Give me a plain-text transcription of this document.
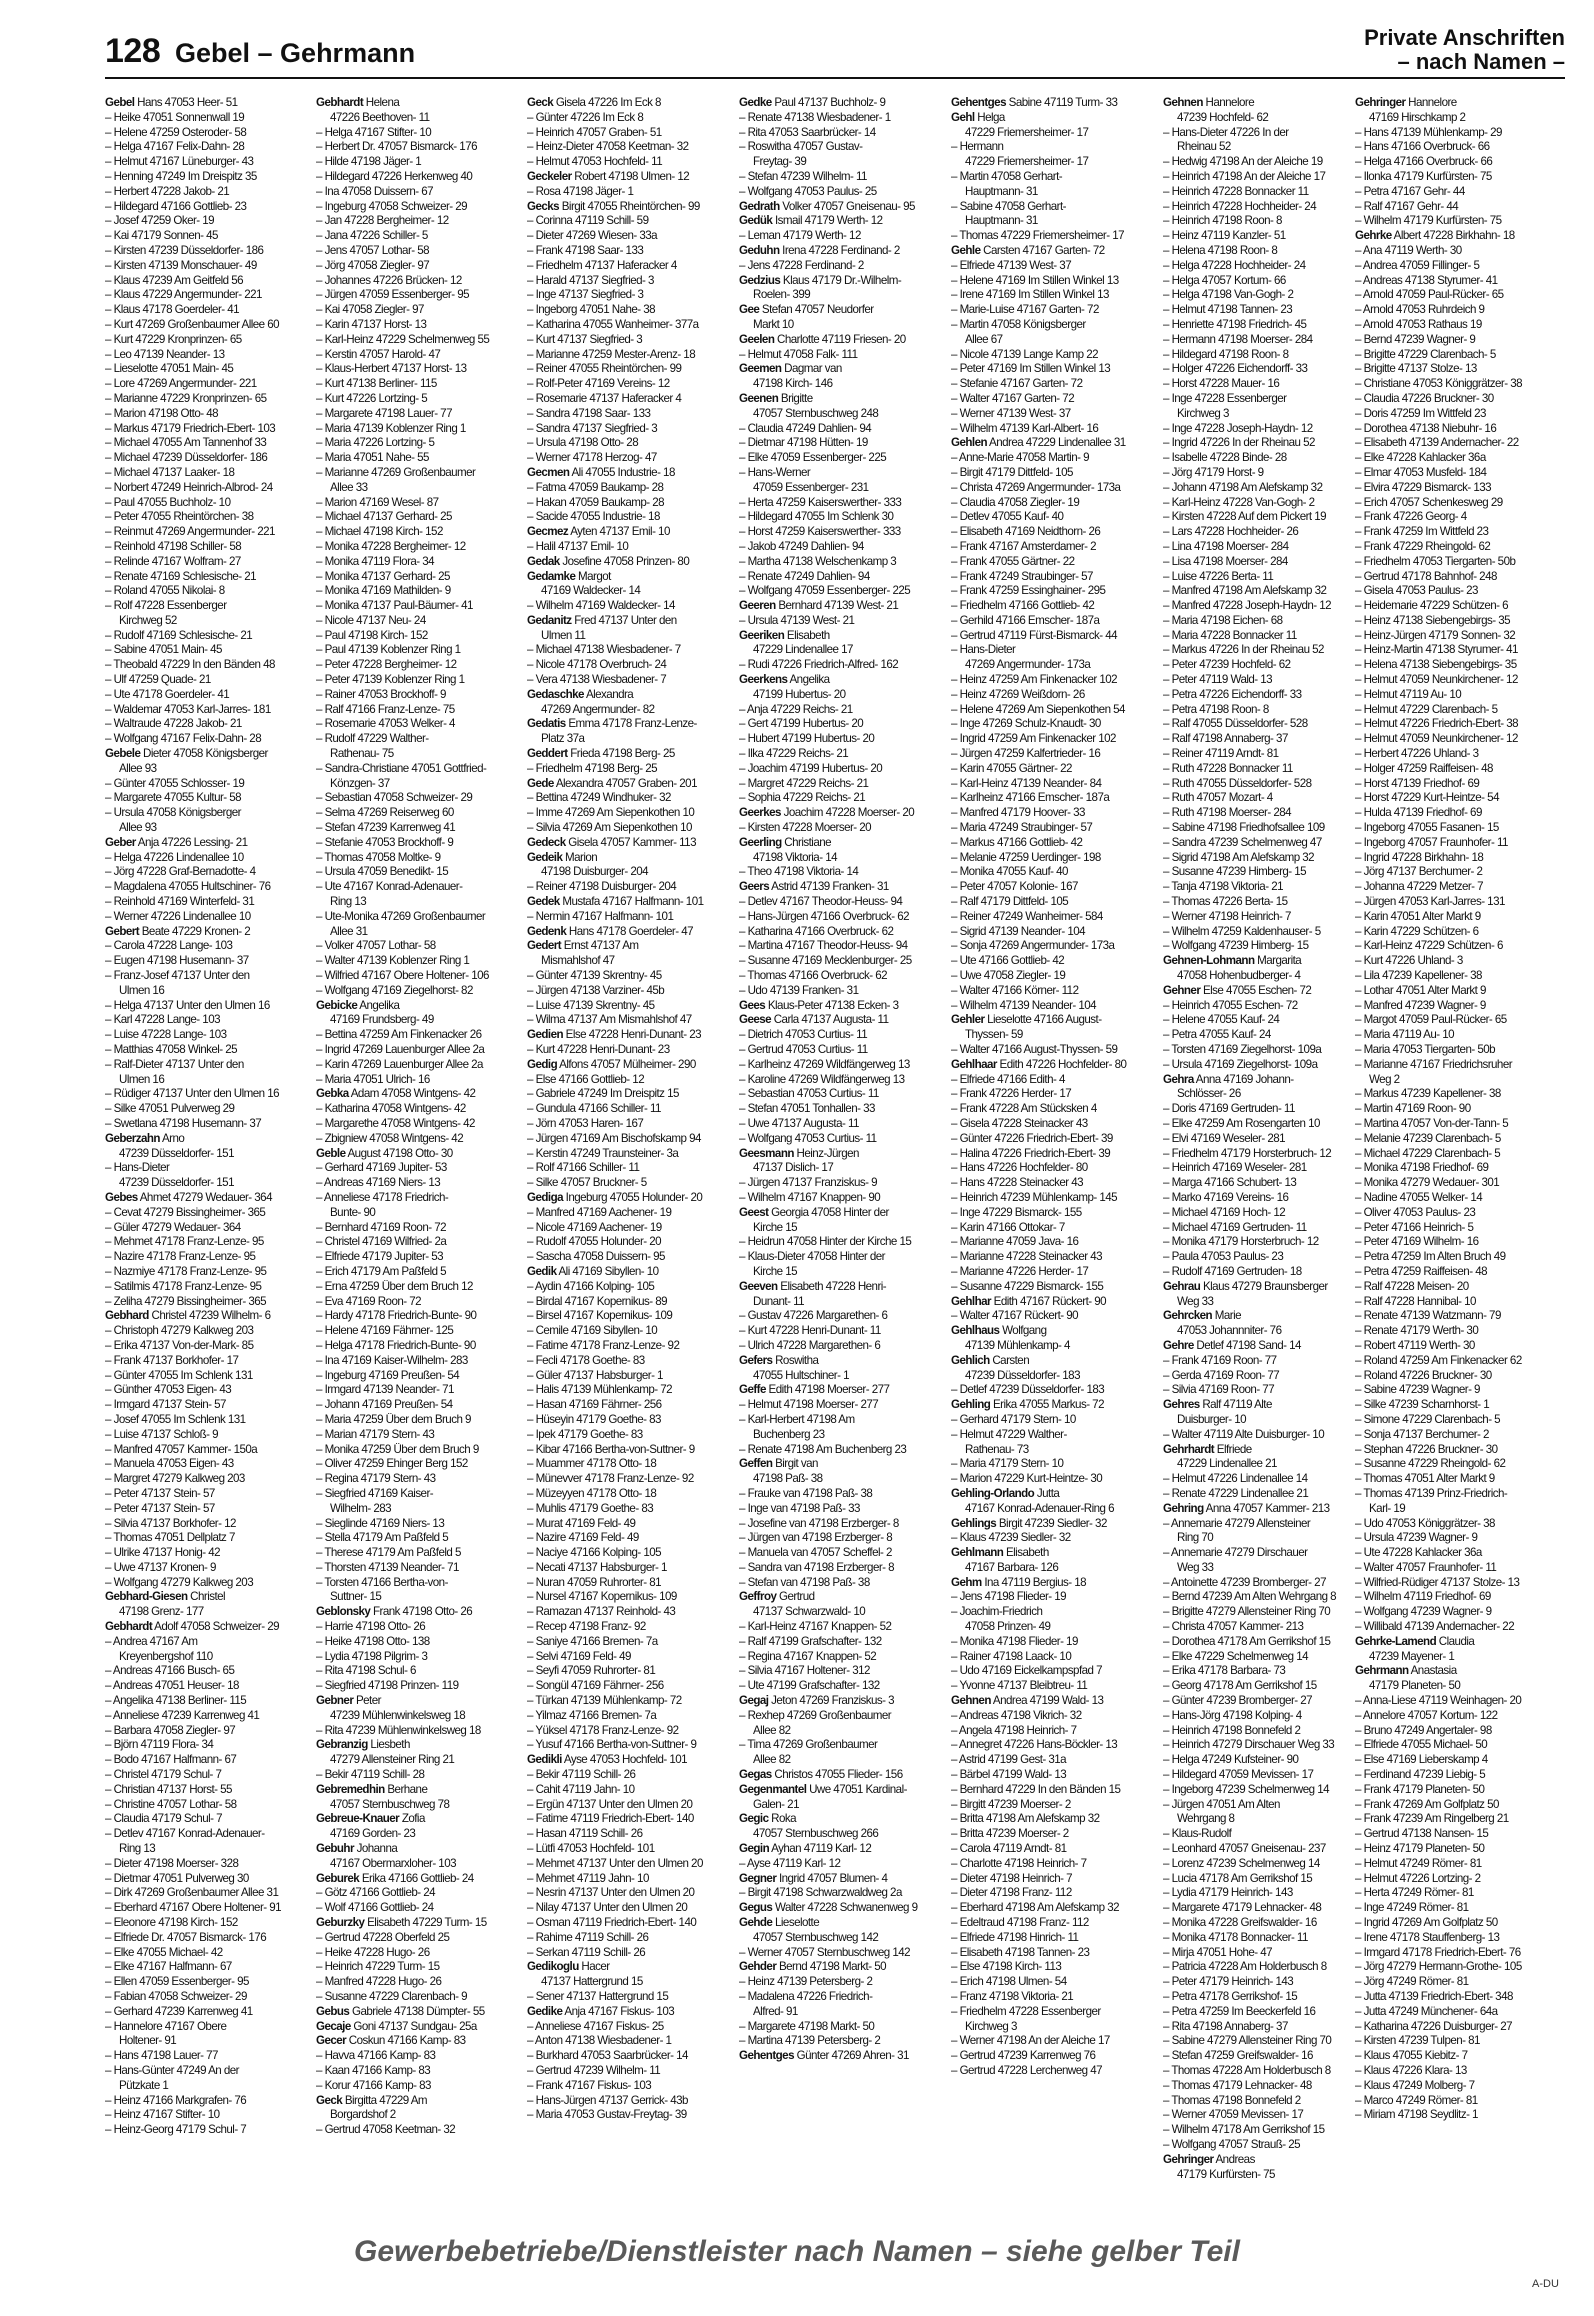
128 Gebel – Gehrmann
Private Anschriften
– nach Namen –
Gebel Hans 47053 Heer- 51
– Heike 47051 Sonnenwall 19
– Helene 47259 Osteroder- 58
– Helga 47167 Felix-Dahn- 28
– Helmut 47167 Lüneburger- 43
– Henning 47249 Im Dreispitz 35
– Herbert 47228 Jakob- 21
– Hildegard 47166 Gottlieb- 23
– Josef 47259 Oker- 19
– Kai 47179 Sonnen- 45
– Kirsten 47239 Düsseldorfer- 186
– Kirsten 47139 Monschauer- 49
– Klaus 47239 Am Geitfeld 56
– Klaus 47229 Angermunder- 221
– Klaus 47178 Goerdeler- 41
– Kurt 47269 Großenbaumer Allee 60
– Kurt 47229 Kronprinzen- 65
– Leo 47139 Neander- 13
– Lieselotte 47051 Main- 45
– Lore 47269 Angermunder- 221
– Marianne 47229 Kronprinzen- 65
– Marion 47198 Otto- 48
– Markus 47179 Friedrich-Ebert- 103
– Michael 47055 Am Tannenhof 33
– Michael 47239 Düsseldorfer- 186
– Michael 47137 Laaker- 18
– Norbert 47249 Heinrich-Albrod- 24
– Paul 47055 Buchholz- 10
– Peter 47055 Rheintörchen- 38
– Reinmut 47269 Angermunder- 221
– Reinhold 47198 Schiller- 58
– Relinde 47167 Wolfram- 27
– Renate 47169 Schlesische- 21
– Roland 47055 Nikolai- 8
– Rolf 47228 Essenberger
Kirchweg 52
– Rudolf 47169 Schlesische- 21
– Sabine 47051 Main- 45
– Theobald 47229 In den Bänden 48
– Ulf 47259 Quade- 21
– Ute 47178 Goerdeler- 41
– Waldemar 47053 Karl-Jarres- 181
– Waltraude 47228 Jakob- 21
– Wolfgang 47167 Felix-Dahn- 28
Gebele Dieter 47058 Königsberger
Allee 93
– Günter 47055 Schlosser- 19
– Margarete 47055 Kultur- 58
– Ursula 47058 Königsberger
Allee 93
Geber Anja 47226 Lessing- 21
– Helga 47226 Lindenallee 10
– Jörg 47228 Graf-Bernadotte- 4
– Magdalena 47055 Hultschiner- 76
– Reinhold 47169 Winterfeld- 31
– Werner 47226 Lindenallee 10
Gebert Beate 47229 Kronen- 2
– Carola 47228 Lange- 103
– Eugen 47198 Husemann- 37
– Franz-Josef 47137 Unter den
Ulmen 16
– Helga 47137 Unter den Ulmen 16
– Karl 47228 Lange- 103
– Luise 47228 Lange- 103
– Matthias 47058 Winkel- 25
– Ralf-Dieter 47137 Unter den
Ulmen 16
– Rüdiger 47137 Unter den Ulmen 16
– Silke 47051 Pulverweg 29
– Swetlana 47198 Husemann- 37
Geberzahn Arno
47239 Düsseldorfer- 151
– Hans-Dieter
47239 Düsseldorfer- 151
Gebes Ahmet 47279 Wedauer- 364
– Cevat 47279 Bissingheimer- 365
– Güler 47279 Wedauer- 364
– Mehmet 47178 Franz-Lenze- 95
– Nazire 47178 Franz-Lenze- 95
– Nazmiye 47178 Franz-Lenze- 95
– Satilmis 47178 Franz-Lenze- 95
– Zeliha 47279 Bissingheimer- 365
Gebhard Christel 47239 Wilhelm- 6
– Christoph 47279 Kalkweg 203
– Erika 47137 Von-der-Mark- 85
– Frank 47137 Borkhofer- 17
– Günter 47055 Im Schlenk 131
– Günther 47053 Eigen- 43
– Irmgard 47137 Stein- 57
– Josef 47055 Im Schlenk 131
– Luise 47137 Schloß- 9
– Manfred 47057 Kammer- 150a
– Manuela 47053 Eigen- 43
– Margret 47279 Kalkweg 203
– Peter 47137 Stein- 57
– Peter 47137 Stein- 57
– Silvia 47137 Borkhofer- 12
– Thomas 47051 Dellplatz 7
– Ulrike 47137 Honig- 42
– Uwe 47137 Kronen- 9
– Wolfgang 47279 Kalkweg 203
Gebhard-Giesen Christel
47198 Grenz- 177
Gebhardt Adolf 47058 Schweizer- 29
– Andrea 47167 Am
Kreyenbergshof 110
– Andreas 47166 Busch- 65
– Andreas 47051 Heuser- 18
– Angelika 47138 Berliner- 115
– Anneliese 47239 Karrenweg 41
– Barbara 47058 Ziegler- 97
– Björn 47119 Flora- 34
– Bodo 47167 Halfmann- 67
– Christel 47179 Schul- 7
– Christian 47137 Horst- 55
– Christine 47057 Lothar- 58
– Claudia 47179 Schul- 7
– Detlev 47167 Konrad-Adenauer-
Ring 13
– Dieter 47198 Moerser- 328
– Dietmar 47051 Pulverweg 30
– Dirk 47269 Großenbaumer Allee 31
– Eberhard 47167 Obere Holtener- 91
– Eleonore 47198 Kirch- 152
– Elfriede Dr. 47057 Bismarck- 176
– Elke 47055 Michael- 42
– Elke 47167 Halfmann- 67
– Ellen 47059 Essenberger- 95
– Fabian 47058 Schweizer- 29
– Gerhard 47239 Karrenweg 41
– Hannelore 47167 Obere
Holtener- 91
– Hans 47198 Lauer- 77
– Hans-Günter 47249 An der
Pützkate 1
– Heinz 47166 Markgrafen- 76
– Heinz 47167 Stifter- 10
– Heinz-Georg 47179 Schul- 7
Gebhardt Helena
47226 Beethoven- 11
– Helga 47167 Stifter- 10
– Herbert Dr. 47057 Bismarck- 176
– Hilde 47198 Jäger- 1
– Hildegard 47226 Herkenweg 40
– Ina 47058 Duissern- 67
– Ingeburg 47058 Schweizer- 29
– Jan 47228 Bergheimer- 12
– Jana 47226 Schiller- 5
– Jens 47057 Lothar- 58
– Jörg 47058 Ziegler- 97
– Johannes 47226 Brücken- 12
– Jürgen 47059 Essenberger- 95
– Kai 47058 Ziegler- 97
– Karin 47137 Horst- 13
– Karl-Heinz 47229 Schelmenweg 55
– Kerstin 47057 Harold- 47
– Klaus-Herbert 47137 Horst- 13
– Kurt 47138 Berliner- 115
– Kurt 47226 Lortzing- 5
– Margarete 47198 Lauer- 77
– Maria 47139 Koblenzer Ring 1
– Maria 47226 Lortzing- 5
– Maria 47051 Nahe- 55
– Marianne 47269 Großenbaumer
Allee 33
– Marion 47169 Wesel- 87
– Michael 47137 Gerhard- 25
– Michael 47198 Kirch- 152
– Monika 47228 Bergheimer- 12
– Monika 47119 Flora- 34
– Monika 47137 Gerhard- 25
– Monika 47169 Mathilden- 9
– Monika 47137 Paul-Bäumer- 41
– Nicole 47137 Neu- 24
– Paul 47198 Kirch- 152
– Paul 47139 Koblenzer Ring 1
– Peter 47228 Bergheimer- 12
– Peter 47139 Koblenzer Ring 1
– Rainer 47053 Brockhoff- 9
– Ralf 47166 Franz-Lenze- 75
– Rosemarie 47053 Welker- 4
– Rudolf 47229 Walther-
Rathenau- 75
– Sandra-Christiane 47051 Gottfried-
Könzgen- 37
– Sebastian 47058 Schweizer- 29
– Selma 47269 Reiserweg 60
– Stefan 47239 Karrenweg 41
– Stefanie 47053 Brockhoff- 9
– Thomas 47058 Moltke- 9
– Ursula 47059 Benedikt- 15
– Ute 47167 Konrad-Adenauer-
Ring 13
– Ute-Monika 47269 Großenbaumer
Allee 31
– Volker 47057 Lothar- 58
– Walter 47139 Koblenzer Ring 1
– Wilfried 47167 Obere Holtener- 106
– Wolfgang 47169 Ziegelhorst- 82
Gebicke Angelika
47169 Frundsberg- 49
– Bettina 47259 Am Finkenacker 26
– Ingrid 47269 Lauenburger Allee 2a
– Karin 47269 Lauenburger Allee 2a
– Maria 47051 Ulrich- 16
Gebka Adam 47058 Wintgens- 42
– Katharina 47058 Wintgens- 42
– Margarethe 47058 Wintgens- 42
– Zbigniew 47058 Wintgens- 42
Geble August 47198 Otto- 30
– Gerhard 47169 Jupiter- 53
– Andreas 47169 Niers- 13
– Anneliese 47178 Friedrich-
Bunte- 90
– Bernhard 47169 Roon- 72
– Christel 47169 Wilfried- 2a
– Elfriede 47179 Jupiter- 53
– Erich 47179 Am Paßfeld 5
– Erna 47259 Über dem Bruch 12
– Eva 47169 Roon- 72
– Hardy 47178 Friedrich-Bunte- 90
– Helene 47169 Fährner- 125
– Helga 47178 Friedrich-Bunte- 90
– Ina 47169 Kaiser-Wilhelm- 283
– Ingeburg 47169 Preußen- 54
– Irmgard 47139 Neander- 71
– Johann 47169 Preußen- 54
– Maria 47259 Über dem Bruch 9
– Marian 47179 Stern- 43
– Monika 47259 Über dem Bruch 9
– Oliver 47259 Ehinger Berg 152
– Regina 47179 Stern- 43
– Siegfried 47169 Kaiser-
Wilhelm- 283
– Sieglinde 47169 Niers- 13
– Stella 47179 Am Paßfeld 5
– Therese 47179 Am Paßfeld 5
– Thorsten 47139 Neander- 71
– Torsten 47166 Bertha-von-
Suttner- 15
Geblonsky Frank 47198 Otto- 26
– Harrie 47198 Otto- 26
– Heike 47198 Otto- 138
– Lydia 47198 Pilgrim- 3
– Rita 47198 Schul- 6
– Siegfried 47198 Prinzen- 119
Gebner Peter
47239 Mühlenwinkelsweg 18
– Rita 47239 Mühlenwinkelsweg 18
Gebranzig Liesbeth
47279 Allensteiner Ring 21
– Bekir 47119 Schill- 28
Gebremedhin Berhane
47057 Sternbuschweg 78
Gebreue-Knauer Zofia
47169 Gorden- 23
Gebuhr Johanna
47167 Obermarxloher- 103
Geburek Erika 47166 Gottlieb- 24
– Götz 47166 Gottlieb- 24
– Wolf 47166 Gottlieb- 24
Geburzky Elisabeth 47229 Turm- 15
– Gertrud 47228 Oberfeld 25
– Heike 47228 Hugo- 26
– Heinrich 47229 Turm- 15
– Manfred 47228 Hugo- 26
– Susanne 47229 Clarenbach- 9
Gebus Gabriele 47138 Dümpter- 55
Gecaje Goni 47137 Sundgau- 25a
Gecer Coskun 47166 Kamp- 83
– Havva 47166 Kamp- 83
– Kaan 47166 Kamp- 83
– Korur 47166 Kamp- 83
Geck Birgitta 47229 Am
Borgardshof 2
– Gertrud 47058 Keetman- 32
Geck Gisela 47226 Im Eck 8
– Günter 47226 Im Eck 8
– Heinrich 47057 Graben- 51
– Heinz-Dieter 47058 Keetman- 32
– Helmut 47053 Hochfeld- 11
Geckeler Robert 47198 Ulmen- 12
– Rosa 47198 Jäger- 1
Gecks Birgit 47055 Rheintörchen- 99
– Corinna 47119 Schill- 59
– Dieter 47269 Wiesen- 33a
– Frank 47198 Saar- 133
– Friedhelm 47137 Haferacker 4
– Harald 47137 Siegfried- 3
– Inge 47137 Siegfried- 3
– Ingeborg 47051 Nahe- 38
– Katharina 47055 Wanheimer- 377a
– Kurt 47137 Siegfried- 3
– Marianne 47259 Mester-Arenz- 18
– Reiner 47055 Rheintörchen- 99
– Rolf-Peter 47169 Vereins- 12
– Rosemarie 47137 Haferacker 4
– Sandra 47198 Saar- 133
– Sandra 47137 Siegfried- 3
– Ursula 47198 Otto- 28
– Werner 47178 Herzog- 47
Gecmen Ali 47055 Industrie- 18
– Fatma 47059 Baukamp- 28
– Hakan 47059 Baukamp- 28
– Sacide 47055 Industrie- 18
Gecmez Ayten 47137 Emil- 10
– Halil 47137 Emil- 10
Gedak Josefine 47058 Prinzen- 80
Gedamke Margot
47169 Waldecker- 14
– Wilhelm 47169 Waldecker- 14
Gedanitz Fred 47137 Unter den
Ulmen 11
– Michael 47138 Wiesbadener- 7
– Nicole 47178 Overbruch- 24
– Vera 47138 Wiesbadener- 7
Gedaschke Alexandra
47269 Angermunder- 82
Gedatis Emma 47178 Franz-Lenze-
Platz 37a
Geddert Frieda 47198 Berg- 25
– Friedhelm 47198 Berg- 25
Gede Alexandra 47057 Graben- 201
– Bettina 47249 Windhuker- 32
– Imme 47269 Am Siepenkothen 10
– Silvia 47269 Am Siepenkothen 10
Gedeck Gisela 47057 Kammer- 113
Gedeik Marion
47198 Duisburger- 204
– Reiner 47198 Duisburger- 204
Gedek Mustafa 47167 Halfmann- 101
– Nermin 47167 Halfmann- 101
Gedenk Hans 47178 Goerdeler- 47
Gedert Ernst 47137 Am
Mismahlshof 47
– Günter 47139 Skrentny- 45
– Jürgen 47138 Varziner- 45b
– Luise 47139 Skrentny- 45
– Wilma 47137 Am Mismahlshof 47
Gedien Else 47228 Henri-Dunant- 23
– Kurt 47228 Henri-Dunant- 23
Gedig Alfons 47057 Mülheimer- 290
– Else 47166 Gottlieb- 12
– Gabriele 47249 Im Dreispitz 15
– Gundula 47166 Schiller- 11
– Jörn 47053 Haren- 167
– Jürgen 47169 Am Bischofskamp 94
– Kerstin 47249 Traunsteiner- 3a
– Rolf 47166 Schiller- 11
– Silke 47057 Bruckner- 5
Gediga Ingeburg 47055 Holunder- 20
– Manfred 47169 Aachener- 19
– Nicole 47169 Aachener- 19
– Rudolf 47055 Holunder- 20
– Sascha 47058 Duissern- 95
Gedik Ali 47169 Sibyllen- 10
– Aydin 47166 Kolping- 105
– Birdal 47167 Kopernikus- 89
– Birsel 47167 Kopernikus- 109
– Cemile 47169 Sibyllen- 10
– Fatime 47178 Franz-Lenze- 92
– Fecli 47178 Goethe- 83
– Güler 47137 Habsburger- 1
– Halis 47139 Mühlenkamp- 72
– Hasan 47169 Fährner- 256
– Hüseyin 47179 Goethe- 83
– Ipek 47179 Goethe- 83
– Kibar 47166 Bertha-von-Suttner- 9
– Muammer 47178 Otto- 18
– Münevver 47178 Franz-Lenze- 92
– Müzeyyen 47178 Otto- 18
– Muhlis 47179 Goethe- 83
– Murat 47169 Feld- 49
– Nazire 47169 Feld- 49
– Naciye 47166 Kolping- 105
– Necati 47137 Habsburger- 1
– Nuran 47059 Ruhrorter- 81
– Nursel 47167 Kopernikus- 109
– Ramazan 47137 Reinhold- 43
– Recep 47198 Franz- 92
– Saniye 47166 Bremen- 7a
– Selvi 47169 Feld- 49
– Seyfi 47059 Ruhrorter- 81
– Songül 47169 Fährner- 256
– Türkan 47139 Mühlenkamp- 72
– Yilmaz 47166 Bremen- 7a
– Yüksel 47178 Franz-Lenze- 92
– Yusuf 47166 Bertha-von-Suttner- 9
Gedikli Ayse 47053 Hochfeld- 101
– Bekir 47119 Schill- 26
– Cahit 47119 Jahn- 10
– Ergün 47137 Unter den Ulmen 20
– Fatime 47119 Friedrich-Ebert- 140
– Hasan 47119 Schill- 26
– Lütfi 47053 Hochfeld- 101
– Mehmet 47137 Unter den Ulmen 20
– Mehmet 47119 Jahn- 10
– Nesrin 47137 Unter den Ulmen 20
– Nilay 47137 Unter den Ulmen 20
– Osman 47119 Friedrich-Ebert- 140
– Rahime 47119 Schill- 26
– Serkan 47119 Schill- 26
Gedikoglu Hacer
47137 Hattergrund 15
– Sener 47137 Hattergrund 15
Gedike Anja 47167 Fiskus- 103
– Anneliese 47167 Fiskus- 25
– Anton 47138 Wiesbadener- 1
– Burkhard 47053 Saarbrücker- 14
– Gertrud 47239 Wilhelm- 11
– Frank 47167 Fiskus- 103
– Hans-Jürgen 47137 Gerrick- 43b
– Maria 47053 Gustav-Freytag- 39
Gedke Paul 47137 Buchholz- 9
– Renate 47138 Wiesbadener- 1
– Rita 47053 Saarbrücker- 14
– Roswitha 47057 Gustav-
Freytag- 39
– Stefan 47239 Wilhelm- 11
– Wolfgang 47053 Paulus- 25
Gedrath Volker 47057 Gneisenau- 95
Gedük Ismail 47179 Werth- 12
– Leman 47179 Werth- 12
Geduhn Irena 47228 Ferdinand- 2
– Jens 47228 Ferdinand- 2
Gedzius Klaus 47179 Dr.-Wilhelm-
Roelen- 399
Gee Stefan 47057 Neudorfer
Markt 10
Geelen Charlotte 47119 Friesen- 20
– Helmut 47058 Falk- 111
Geemen Dagmar van
47198 Kirch- 146
Geenen Brigitte
47057 Sternbuschweg 248
– Claudia 47249 Dahlien- 94
– Dietmar 47198 Hütten- 19
– Elke 47059 Essenberger- 225
– Hans-Werner
47059 Essenberger- 231
– Herta 47259 Kaiserswerther- 333
– Hildegard 47055 Im Schlenk 30
– Horst 47259 Kaiserswerther- 333
– Jakob 47249 Dahlien- 94
– Martha 47138 Welschenkamp 3
– Renate 47249 Dahlien- 94
– Wolfgang 47059 Essenberger- 225
Geeren Bernhard 47139 West- 21
– Ursula 47139 West- 21
Geeriken Elisabeth
47229 Lindenallee 17
– Rudi 47226 Friedrich-Alfred- 162
Geerkens Angelika
47199 Hubertus- 20
– Anja 47229 Reichs- 21
– Gert 47199 Hubertus- 20
– Hubert 47199 Hubertus- 20
– Ilka 47229 Reichs- 21
– Joachim 47199 Hubertus- 20
– Margret 47229 Reichs- 21
– Sophia 47229 Reichs- 21
Geerkes Joachim 47228 Moerser- 20
– Kirsten 47228 Moerser- 20
Geerling Christiane
47198 Viktoria- 14
– Theo 47198 Viktoria- 14
Geers Astrid 47139 Franken- 31
– Detlev 47167 Theodor-Heuss- 94
– Hans-Jürgen 47166 Overbruck- 62
– Katharina 47166 Overbruck- 62
– Martina 47167 Theodor-Heuss- 94
– Susanne 47169 Mecklenburger- 25
– Thomas 47166 Overbruck- 62
– Udo 47139 Franken- 31
Gees Klaus-Peter 47138 Ecken- 3
Geese Carla 47137 Augusta- 11
– Dietrich 47053 Curtius- 11
– Gertrud 47053 Curtius- 11
– Karlheinz 47269 Wildfängerweg 13
– Karoline 47269 Wildfängerweg 13
– Sebastian 47053 Curtius- 11
– Stefan 47051 Tonhallen- 33
– Uwe 47137 Augusta- 11
– Wolfgang 47053 Curtius- 11
Geesmann Heinz-Jürgen
47137 Dislich- 17
– Jürgen 47137 Franziskus- 9
– Wilhelm 47167 Knappen- 90
Geest Georgia 47058 Hinter der
Kirche 15
– Heidrun 47058 Hinter der Kirche 15
– Klaus-Dieter 47058 Hinter der
Kirche 15
Geeven Elisabeth 47228 Henri-
Dunant- 11
– Gustav 47226 Margarethen- 6
– Kurt 47228 Henri-Dunant- 11
– Ulrich 47228 Margarethen- 6
Gefers Roswitha
47055 Hultschiner- 1
Geffe Edith 47198 Moerser- 277
– Helmut 47198 Moerser- 277
– Karl-Herbert 47198 Am
Buchenberg 23
– Renate 47198 Am Buchenberg 23
Geffen Birgit van
47198 Paß- 38
– Frauke van 47198 Paß- 38
– Inge van 47198 Paß- 33
– Josefine van 47198 Erzberger- 8
– Jürgen van 47198 Erzberger- 8
– Manuela van 47057 Scheffel- 2
– Sandra van 47198 Erzberger- 8
– Stefan van 47198 Paß- 38
Geffroy Gertrud
47137 Schwarzwald- 10
– Karl-Heinz 47167 Knappen- 52
– Ralf 47199 Grafschafter- 132
– Regina 47167 Knappen- 52
– Silvia 47167 Holtener- 312
– Ute 47199 Grafschafter- 132
Gegaj Jeton 47269 Franziskus- 3
– Rexhep 47269 Großenbaumer
Allee 82
– Tima 47269 Großenbaumer
Allee 82
Gegas Christos 47055 Flieder- 156
Gegenmantel Uwe 47051 Kardinal-
Galen- 21
Gegic Roka
47057 Sternbuschweg 266
Gegin Ayhan 47119 Karl- 12
– Ayse 47119 Karl- 12
Gegner Ingrid 47057 Blumen- 4
– Birgit 47198 Schwarzwaldweg 2a
Gegus Walter 47228 Schwanenweg 9
Gehde Lieselotte
47057 Sternbuschweg 142
– Werner 47057 Sternbuschweg 142
Gehder Bernd 47198 Markt- 50
– Heinz 47139 Petersberg- 2
– Madalena 47226 Friedrich-
Alfred- 91
– Margarete 47198 Markt- 50
– Martina 47139 Petersberg- 2
Gehentges Günter 47269 Ahren- 31
Gehentges Sabine 47119 Turm- 33
Gehl Helga
47229 Friemersheimer- 17
– Hermann
47229 Friemersheimer- 17
– Martin 47058 Gerhart-
Hauptmann- 31
– Sabine 47058 Gerhart-
Hauptmann- 31
– Thomas 47229 Friemersheimer- 17
Gehle Carsten 47167 Garten- 72
– Elfriede 47139 West- 37
– Helene 47169 Im Stillen Winkel 13
– Irene 47169 Im Stillen Winkel 13
– Marie-Luise 47167 Garten- 72
– Martin 47058 Königsberger
Allee 67
– Nicole 47139 Lange Kamp 22
– Peter 47169 Im Stillen Winkel 13
– Stefanie 47167 Garten- 72
– Walter 47167 Garten- 72
– Werner 47139 West- 37
– Wilhelm 47139 Karl-Albert- 16
Gehlen Andrea 47229 Lindenallee 31
– Anne-Marie 47058 Martin- 9
– Birgit 47179 Dittfeld- 105
– Christa 47269 Angermunder- 173a
– Claudia 47058 Ziegler- 19
– Detlev 47055 Kauf- 40
– Elisabeth 47169 Neidthorn- 26
– Frank 47167 Amsterdamer- 2
– Frank 47055 Gärtner- 22
– Frank 47249 Straubinger- 57
– Frank 47259 Essinghainer- 295
– Friedhelm 47166 Gottlieb- 42
– Gerhild 47166 Emscher- 187a
– Gertrud 47119 Fürst-Bismarck- 44
– Hans-Dieter
47269 Angermunder- 173a
– Heinz 47259 Am Finkenacker 102
– Heinz 47269 Weißdorn- 26
– Helene 47269 Am Siepenkothen 54
– Inge 47269 Schulz-Knaudt- 30
– Ingrid 47259 Am Finkenacker 102
– Jürgen 47259 Kalfertrieder- 16
– Karin 47055 Gärtner- 22
– Karl-Heinz 47139 Neander- 84
– Karlheinz 47166 Emscher- 187a
– Manfred 47179 Hoover- 33
– Maria 47249 Straubinger- 57
– Markus 47166 Gottlieb- 42
– Melanie 47259 Uerdinger- 198
– Monika 47055 Kauf- 40
– Peter 47057 Kolonie- 167
– Ralf 47179 Dittfeld- 105
– Reiner 47249 Wanheimer- 584
– Sigrid 47139 Neander- 104
– Sonja 47269 Angermunder- 173a
– Ute 47166 Gottlieb- 42
– Uwe 47058 Ziegler- 19
– Walter 47166 Körner- 112
– Wilhelm 47139 Neander- 104
Gehler Lieselotte 47166 August-
Thyssen- 59
– Walter 47166 August-Thyssen- 59
Gehlhaar Edith 47226 Hochfelder- 80
– Elfriede 47166 Edith- 4
– Frank 47226 Herder- 17
– Frank 47228 Am Stücksken 4
– Gisela 47228 Steinacker 43
– Günter 47226 Friedrich-Ebert- 39
– Halina 47226 Friedrich-Ebert- 39
– Hans 47226 Hochfelder- 80
– Hans 47228 Steinacker 43
– Heinrich 47239 Mühlenkamp- 145
– Inge 47229 Bismarck- 155
– Karin 47166 Ottokar- 7
– Marianne 47059 Java- 16
– Marianne 47228 Steinacker 43
– Marianne 47226 Herder- 17
– Susanne 47229 Bismarck- 155
Gehlhar Edith 47167 Rückert- 90
– Walter 47167 Rückert- 90
Gehlhaus Wolfgang
47139 Mühlenkamp- 4
Gehlich Carsten
47239 Düsseldorfer- 183
– Detlef 47239 Düsseldorfer- 183
Gehling Erika 47055 Markus- 72
– Gerhard 47179 Stern- 10
– Helmut 47229 Walther-
Rathenau- 73
– Maria 47179 Stern- 10
– Marion 47229 Kurt-Heintze- 30
Gehling-Orlando Jutta
47167 Konrad-Adenauer-Ring 6
Gehlings Birgit 47239 Siedler- 32
– Klaus 47239 Siedler- 32
Gehlmann Elisabeth
47167 Barbara- 126
Gehm Ina 47119 Bergius- 18
– Jens 47198 Flieder- 19
– Joachim-Friedrich
47058 Prinzen- 49
– Monika 47198 Flieder- 19
– Rainer 47198 Laack- 10
– Udo 47169 Eickelkampspfad 7
– Yvonne 47137 Bleibtreu- 11
Gehnen Andrea 47199 Wald- 13
– Andreas 47198 Vikrich- 32
– Angela 47198 Heinrich- 7
– Annegret 47226 Hans-Böckler- 13
– Astrid 47199 Gest- 31a
– Bärbel 47199 Wald- 13
– Bernhard 47229 In den Bänden 15
– Birgitt 47239 Moerser- 2
– Britta 47198 Am Alefskamp 32
– Britta 47239 Moerser- 2
– Carola 47119 Arndt- 81
– Charlotte 47198 Heinrich- 7
– Dieter 47198 Heinrich- 7
– Dieter 47198 Franz- 112
– Eberhard 47198 Am Alefskamp 32
– Edeltraud 47198 Franz- 112
– Elfriede 47198 Hinrich- 11
– Elisabeth 47198 Tannen- 23
– Else 47198 Kirch- 113
– Erich 47198 Ulmen- 54
– Franz 47198 Viktoria- 21
– Friedhelm 47228 Essenberger
Kirchweg 3
– Werner 47198 An der Aleiche 17
– Gertrud 47239 Karrenweg 76
– Gertrud 47228 Lerchenweg 47
Gehnen Hannelore
47239 Hochfeld- 62
– Hans-Dieter 47226 In der
Rheinau 52
– Hedwig 47198 An der Aleiche 19
– Heinrich 47198 An der Aleiche 17
– Heinrich 47228 Bonnacker 11
– Heinrich 47228 Hochheider- 24
– Heinrich 47198 Roon- 8
– Heinz 47119 Kanzler- 51
– Helena 47198 Roon- 8
– Helga 47228 Hochheider- 24
– Helga 47057 Kortum- 66
– Helga 47198 Van-Gogh- 2
– Helmut 47198 Tannen- 23
– Henriette 47198 Friedrich- 45
– Hermann 47198 Moerser- 284
– Hildegard 47198 Roon- 8
– Holger 47226 Eichendorff- 33
– Horst 47228 Mauer- 16
– Inge 47228 Essenberger
Kirchweg 3
– Inge 47228 Joseph-Haydn- 12
– Ingrid 47226 In der Rheinau 52
– Isabelle 47228 Binde- 28
– Jörg 47179 Horst- 9
– Johann 47198 Am Alefskamp 32
– Karl-Heinz 47228 Van-Gogh- 2
– Kirsten 47228 Auf dem Pickert 19
– Lars 47228 Hochheider- 26
– Lina 47198 Moerser- 284
– Lisa 47198 Moerser- 284
– Luise 47226 Berta- 11
– Manfred 47198 Am Alefskamp 32
– Manfred 47228 Joseph-Haydn- 12
– Maria 47198 Eichen- 68
– Maria 47228 Bonnacker 11
– Markus 47226 In der Rheinau 52
– Peter 47239 Hochfeld- 62
– Peter 47119 Wald- 13
– Petra 47226 Eichendorff- 33
– Petra 47198 Roon- 8
– Ralf 47055 Düsseldorfer- 528
– Ralf 47198 Annaberg- 37
– Reiner 47119 Arndt- 81
– Ruth 47228 Bonnacker 11
– Ruth 47055 Düsseldorfer- 528
– Ruth 47057 Mozart- 4
– Ruth 47198 Moerser- 284
– Sabine 47198 Friedhofsallee 109
– Sandra 47239 Schelmenweg 47
– Sigrid 47198 Am Alefskamp 32
– Susanne 47239 Himberg- 15
– Tanja 47198 Viktoria- 21
– Thomas 47226 Berta- 15
– Werner 47198 Heinrich- 7
– Wilhelm 47259 Kaldenhauser- 5
– Wolfgang 47239 Himberg- 15
Gehnen-Lohmann Margarita
47058 Hohenbudberger- 4
Gehner Else 47055 Eschen- 72
– Heinrich 47055 Eschen- 72
– Helene 47055 Kauf- 24
– Petra 47055 Kauf- 24
– Torsten 47169 Ziegelhorst- 109a
– Ursula 47169 Ziegelhorst- 109a
Gehra Anna 47169 Johann-
Schlösser- 26
– Doris 47169 Gertruden- 11
– Elke 47259 Am Rosengarten 10
– Elvi 47169 Weseler- 281
– Friedhelm 47179 Horsterbruch- 12
– Heinrich 47169 Weseler- 281
– Marga 47166 Schubert- 13
– Marko 47169 Vereins- 16
– Michael 47169 Hoch- 12
– Michael 47169 Gertruden- 11
– Monika 47179 Horsterbruch- 12
– Paula 47053 Paulus- 23
– Rudolf 47169 Gertruden- 18
Gehrau Klaus 47279 Braunsberger
Weg 33
Gehrcken Marie
47053 Johannniter- 76
Gehre Detlef 47198 Sand- 14
– Frank 47169 Roon- 77
– Gerda 47169 Roon- 77
– Silvia 47169 Roon- 77
Gehres Ralf 47119 Alte
Duisburger- 10
– Walter 47119 Alte Duisburger- 10
Gehrhardt Elfriede
47229 Lindenallee 21
– Helmut 47226 Lindenallee 14
– Renate 47229 Lindenallee 21
Gehring Anna 47057 Kammer- 213
– Annemarie 47279 Allensteiner
Ring 70
– Annemarie 47279 Dirschauer
Weg 33
– Antoinette 47239 Bromberger- 27
– Bernd 47239 Am Alten Wehrgang 8
– Brigitte 47279 Allensteiner Ring 70
– Christa 47057 Kammer- 213
– Dorothea 47178 Am Gerrikshof 15
– Elke 47229 Schelmenweg 14
– Erika 47178 Barbara- 73
– Georg 47178 Am Gerrikshof 15
– Günter 47239 Bromberger- 27
– Hans-Jörg 47198 Kolping- 4
– Heinrich 47198 Bonnefeld 2
– Heinrich 47279 Dirschauer Weg 33
– Helga 47249 Kufsteiner- 90
– Hildegard 47059 Mevissen- 17
– Ingeborg 47239 Schelmenweg 14
– Jürgen 47051 Am Alten
Wehrgang 8
– Klaus-Rudolf
– Leonhard 47057 Gneisenau- 237
– Lorenz 47239 Schelmenweg 14
– Lucia 47178 Am Gerrikshof 15
– Lydia 47179 Heinrich- 143
– Margarete 47179 Lehnacker- 48
– Monika 47228 Greifswalder- 16
– Monika 47178 Bonnacker- 11
– Mirja 47051 Hohe- 47
– Patricia 47228 Am Holderbusch 8
– Peter 47179 Heinrich- 143
– Petra 47178 Gerrikshof- 15
– Petra 47259 Im Beeckerfeld 16
– Rita 47198 Annaberg- 37
– Sabine 47279 Allensteiner Ring 70
– Stefan 47259 Greifswalder- 16
– Thomas 47228 Am Holderbusch 8
– Thomas 47179 Lehnacker- 48
– Thomas 47198 Bonnefeld 2
– Werner 47059 Mevissen- 17
– Wilhelm 47178 Am Gerrikshof 15
– Wolfgang 47057 Strauß- 25
Gehringer Andreas
47179 Kurfürsten- 75
Gehringer Hannelore
47169 Hirschkamp 2
– Hans 47139 Mühlenkamp- 29
– Hans 47166 Overbruck- 66
– Helga 47166 Overbruck- 66
– Ilonka 47179 Kurfürsten- 75
– Petra 47167 Gehr- 44
– Ralf 47167 Gehr- 44
– Wilhelm 47179 Kurfürsten- 75
Gehrke Albert 47228 Birkhahn- 18
– Ana 47119 Werth- 30
– Andrea 47059 Fillinger- 5
– Andreas 47138 Styrumer- 41
– Arnold 47059 Paul-Rücker- 65
– Arnold 47053 Ruhrdeich 9
– Arnold 47053 Rathaus 19
– Bernd 47239 Wagner- 9
– Brigitte 47229 Clarenbach- 5
– Brigitte 47137 Stolze- 13
– Christiane 47053 Königgrätzer- 38
– Claudia 47226 Bruckner- 30
– Doris 47259 Im Wittfeld 23
– Dorothea 47138 Niebuhr- 16
– Elisabeth 47139 Andernacher- 22
– Elke 47228 Kahlacker 36a
– Elmar 47053 Musfeld- 184
– Elvira 47229 Bismarck- 133
– Erich 47057 Schenkesweg 29
– Frank 47226 Georg- 4
– Frank 47259 Im Wittfeld 23
– Frank 47229 Rheingold- 62
– Friedhelm 47053 Tiergarten- 50b
– Gertrud 47178 Bahnhof- 248
– Gisela 47053 Paulus- 23
– Heidemarie 47229 Schützen- 6
– Heinz 47138 Siebengebirgs- 35
– Heinz-Jürgen 47179 Sonnen- 32
– Heinz-Martin 47138 Styrumer- 41
– Helena 47138 Siebengebirgs- 35
– Helmut 47059 Neunkirchener- 12
– Helmut 47119 Au- 10
– Helmut 47229 Clarenbach- 5
– Helmut 47226 Friedrich-Ebert- 38
– Helmut 47059 Neunkirchener- 12
– Herbert 47226 Uhland- 3
– Holger 47259 Raiffeisen- 48
– Horst 47139 Friedhof- 69
– Horst 47229 Kurt-Heintze- 54
– Hulda 47139 Friedhof- 69
– Ingeborg 47055 Fasanen- 15
– Ingeborg 47057 Fraunhofer- 11
– Ingrid 47228 Birkhahn- 18
– Jörg 47137 Berchumer- 2
– Johanna 47229 Metzer- 7
– Jürgen 47053 Karl-Jarres- 131
– Karin 47051 Alter Markt 9
– Karin 47229 Schützen- 6
– Karl-Heinz 47229 Schützen- 6
– Kurt 47226 Uhland- 3
– Lila 47239 Kapellener- 38
– Lothar 47051 Alter Markt 9
– Manfred 47239 Wagner- 9
– Margot 47059 Paul-Rücker- 65
– Maria 47119 Au- 10
– Maria 47053 Tiergarten- 50b
– Marianne 47167 Friedrichsruher
Weg 2
– Markus 47239 Kapellener- 38
– Martin 47169 Roon- 90
– Martina 47057 Von-der-Tann- 5
– Melanie 47239 Clarenbach- 5
– Michael 47229 Clarenbach- 5
– Monika 47198 Friedhof- 69
– Monika 47279 Wedauer- 301
– Nadine 47055 Welker- 14
– Oliver 47053 Paulus- 23
– Peter 47166 Heinrich- 5
– Peter 47169 Wilhelm- 16
– Petra 47259 Im Alten Bruch 49
– Petra 47259 Raiffeisen- 48
– Ralf 47228 Meisen- 20
– Ralf 47228 Hannibal- 10
– Renate 47139 Watzmann- 79
– Renate 47179 Werth- 30
– Robert 47119 Werth- 30
– Roland 47259 Am Finkenacker 62
– Roland 47226 Bruckner- 30
– Sabine 47239 Wagner- 9
– Silke 47239 Scharnhorst- 1
– Simone 47229 Clarenbach- 5
– Sonja 47137 Berchumer- 2
– Stephan 47226 Bruckner- 30
– Susanne 47229 Rheingold- 62
– Thomas 47051 Alter Markt 9
– Thomas 47139 Prinz-Friedrich-
Karl- 19
– Udo 47053 Königgrätzer- 38
– Ursula 47239 Wagner- 9
– Ute 47228 Kahlacker 36a
– Walter 47057 Fraunhofer- 11
– Wilfried-Rüdiger 47137 Stolze- 13
– Wilhelm 47119 Friedhof- 69
– Wolfgang 47239 Wagner- 9
– Willibald 47139 Andernacher- 22
Gehrke-Lamend Claudia
47239 Mayener- 1
Gehrmann Anastasia
47179 Planeten- 50
– Anna-Liese 47119 Weinhagen- 20
– Annelore 47057 Kortum- 122
– Bruno 47249 Angertaler- 98
– Elfriede 47055 Michael- 50
– Else 47169 Lieberskamp 4
– Ferdinand 47239 Liebig- 5
– Frank 47179 Planeten- 50
– Frank 47269 Am Golfplatz 50
– Frank 47239 Am Ringelberg 21
– Gertrud 47138 Nansen- 15
– Heinz 47179 Planeten- 50
– Helmut 47249 Römer- 81
– Helmut 47226 Lortzing- 2
– Herta 47249 Römer- 81
– Inge 47249 Römer- 81
– Ingrid 47269 Am Golfplatz 50
– Irene 47178 Stauffenberg- 13
– Irmgard 47178 Friedrich-Ebert- 76
– Jörg 47279 Hermann-Grothe- 105
– Jörg 47249 Römer- 81
– Jutta 47139 Friedrich-Ebert- 348
– Jutta 47249 Münchener- 64a
– Katharina 47226 Duisburger- 27
– Kirsten 47239 Tulpen- 81
– Klaus 47055 Kiebitz- 7
– Klaus 47226 Klara- 13
– Klaus 47249 Molberg- 7
– Marco 47249 Römer- 81
– Miriam 47198 Seydlitz- 1
Gewerbebetriebe/Dienstleister nach Namen – siehe gelber Teil
A-DU
